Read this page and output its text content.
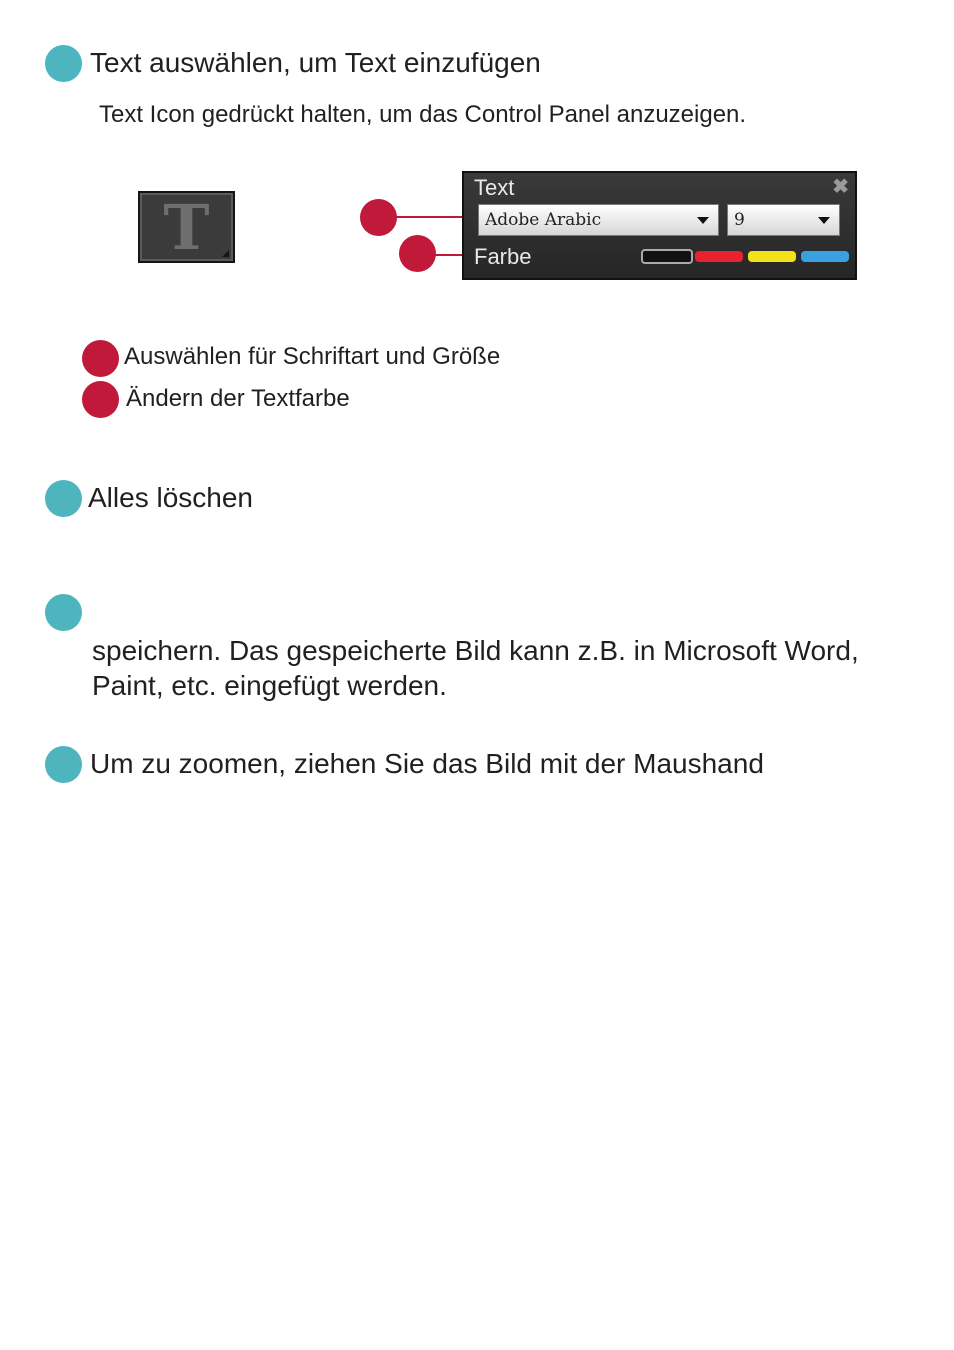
Text auswählen, um Text einzufügen
Text Icon gedrückt halten, um das Control Panel anzuzeigen.
T
Text	✖
Adobe Arabic	9
Farbe
Auswählen für Schriftart und Größe
Ändern der Textfarbe
Alles löschen
speichern. Das gespeicherte Bild kann z.B. in Microsoft Word,
Paint, etc. eingefügt werden.
Um zu zoomen, ziehen Sie das Bild mit der Maushand
